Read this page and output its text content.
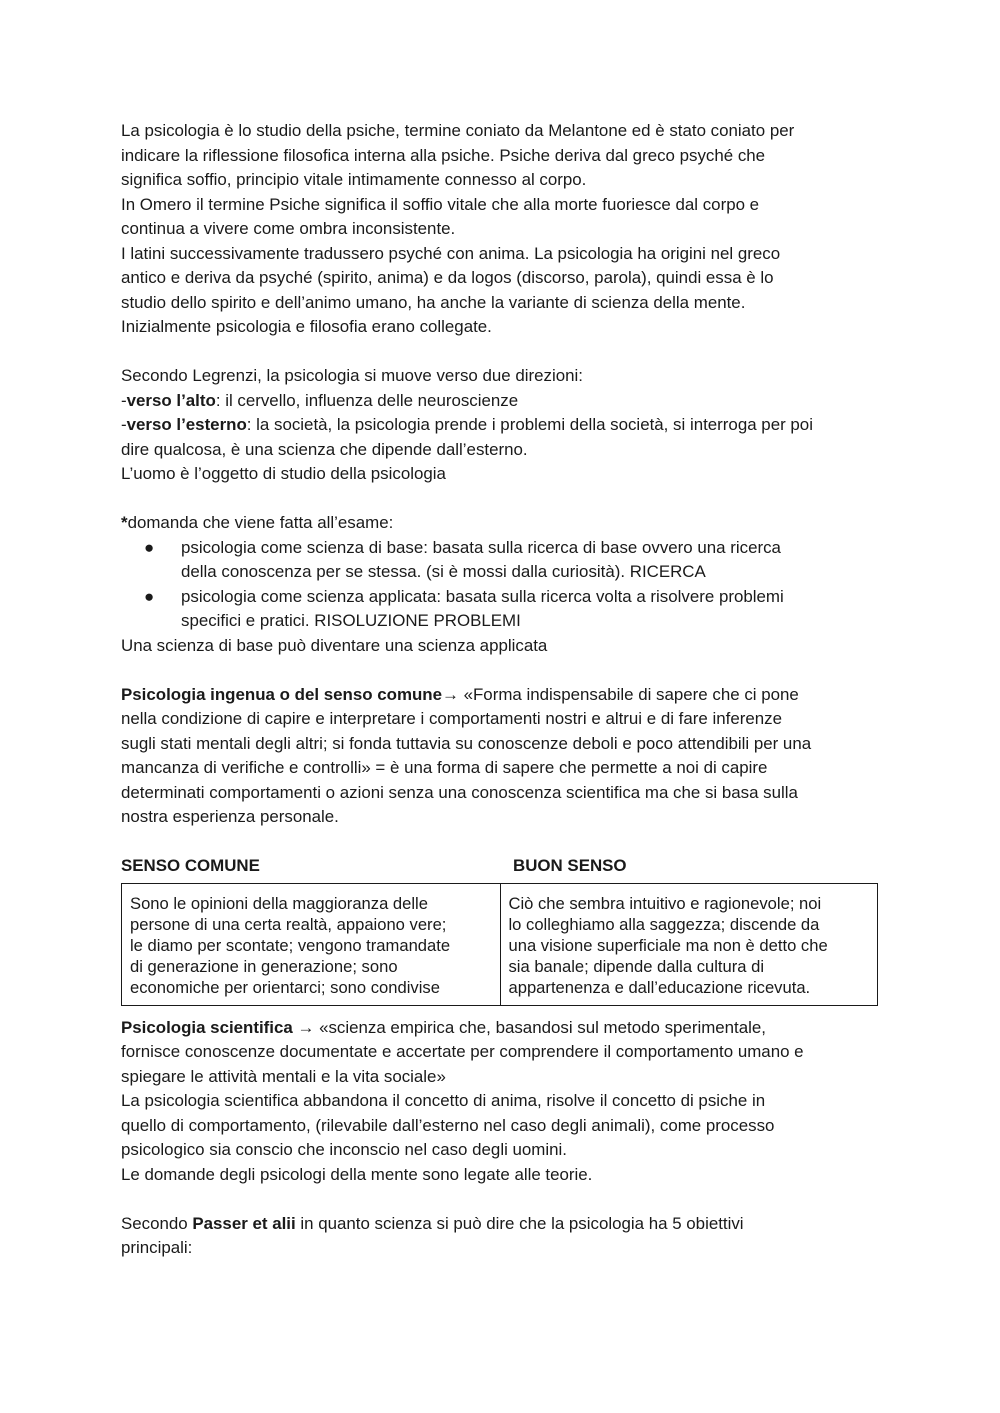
La psicologia è lo studio della psiche, termine coniato da Melantone ed è stato coniato per
indicare la riflessione filosofica interna alla psiche. Psiche deriva dal greco psyché che
significa soffio, principio vitale intimamente connesso al corpo.
In Omero il termine Psiche significa il soffio vitale che alla morte fuoriesce dal corpo e
continua a vivere come ombra inconsistente.
I latini successivamente tradussero psyché con anima. La psicologia ha origini nel greco
antico e deriva da psyché (spirito, anima) e da logos (discorso, parola), quindi essa è lo
studio dello spirito e dell’animo umano, ha anche la variante di scienza della mente.
Inizialmente psicologia e filosofia erano collegate.
Secondo Legrenzi, la psicologia si muove verso due direzioni:
-verso l’alto: il cervello, influenza delle neuroscienze
-verso l’esterno: la società, la psicologia prende i problemi della società, si interroga per poi
dire qualcosa, è una scienza che dipende dall’esterno.
L’uomo è l’oggetto di studio della psicologia
*domanda che viene fatta all’esame:
● psicologia come scienza di base: basata sulla ricerca di base ovvero una ricerca
della conoscenza per se stessa. (si è mossi dalla curiosità). RICERCA
● psicologia come scienza applicata: basata sulla ricerca volta a risolvere problemi
specifici e pratici. RISOLUZIONE PROBLEMI
Una scienza di base può diventare una scienza applicata
Psicologia ingenua o del senso comune→ «Forma indispensabile di sapere che ci pone
nella condizione di capire e interpretare i comportamenti nostri e altrui e di fare inferenze
sugli stati mentali degli altri; si fonda tuttavia su conoscenze deboli e poco attendibili per una
mancanza di verifiche e controlli» = è una forma di sapere che permette a noi di capire
determinati comportamenti o azioni senza una conoscenza scientifica ma che si basa sulla
nostra esperienza personale.
SENSO COMUNE	BUON SENSO
Sono le opinioni della maggioranza delle
persone di una certa realtà, appaiono vere;
le diamo per scontate; vengono tramandate
di generazione in generazione; sono
economiche per orientarci; sono condivise
Ciò che sembra intuitivo e ragionevole; noi
lo colleghiamo alla saggezza; discende da
una visione superficiale ma non è detto che
sia banale; dipende dalla cultura di
appartenenza e dall’educazione ricevuta.
Psicologia scientifica → «scienza empirica che, basandosi sul metodo sperimentale,
fornisce conoscenze documentate e accertate per comprendere il comportamento umano e
spiegare le attività mentali e la vita sociale»
La psicologia scientifica abbandona il concetto di anima, risolve il concetto di psiche in
quello di comportamento, (rilevabile dall’esterno nel caso degli animali), come processo
psicologico sia conscio che inconscio nel caso degli uomini.
Le domande degli psicologi della mente sono legate alle teorie.
Secondo Passer et alii in quanto scienza si può dire che la psicologia ha 5 obiettivi
principali:
